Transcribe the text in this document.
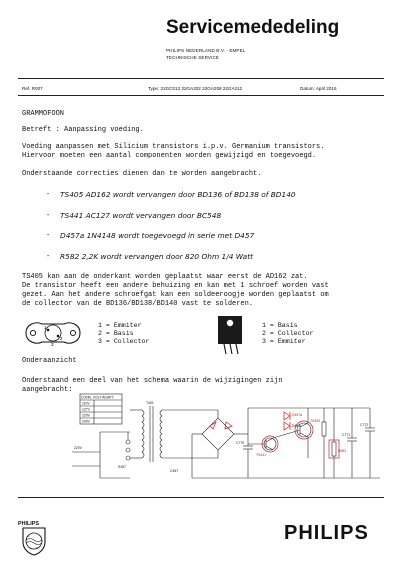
Servicemededeling
PHILIPS NEDERLAND B.V. - EMPEL
TECHNISCHE SERVICE
Ref. R007	Type: 22GC012 22GA202 22GA209 22GA212	Datum: April 2016
GRAMMOFOON
Betreft : Aanpassing voeding.
Voeding aanpassen met Silicium transistors i.p.v. Germanium transistors.
Hiervoor moeten een aantal componenten worden gewijzigd en toegevoegd.
Onderstaande correcties dienen dan te worden aangebracht.
- TS405 AD162 wordt vervangen door BD136 of BD138 of BD140
- TS441 AC127 wordt vervangen door BC548
- D457a 1N4148 wordt toegevoegd in serie met D457
- R582 2,2K wordt vervangen door 820 Ohm 1/4 Watt
TS405 kan aan de onderkant worden geplaatst waar eerst de AD162 zat.
De transistor heeft een andere behuizing en kan met 1 schroef worden vast
gezet. Aan het andere schroefgat kan een soldeeroogje worden geplaatst om
de collector van de BD136/BD138/BD140 vast te solderen.
1
2
3
1 = Emmiter
2 = Basis
3 = Collector
1 = Basis
2 = Collector
3 = Emmiter
Onderaanzicht
Onderstaand een deel van het schema waarin de wijzigingen zijn
aangebracht:
CONN. VOLT ADAPT.
110V
127V
220V
240V
220V
T401
S457
D457a
D457
TS441
TS405
C770
R582
C771
C772
C457
✦
✦
PHILIPS	PHILIPS
